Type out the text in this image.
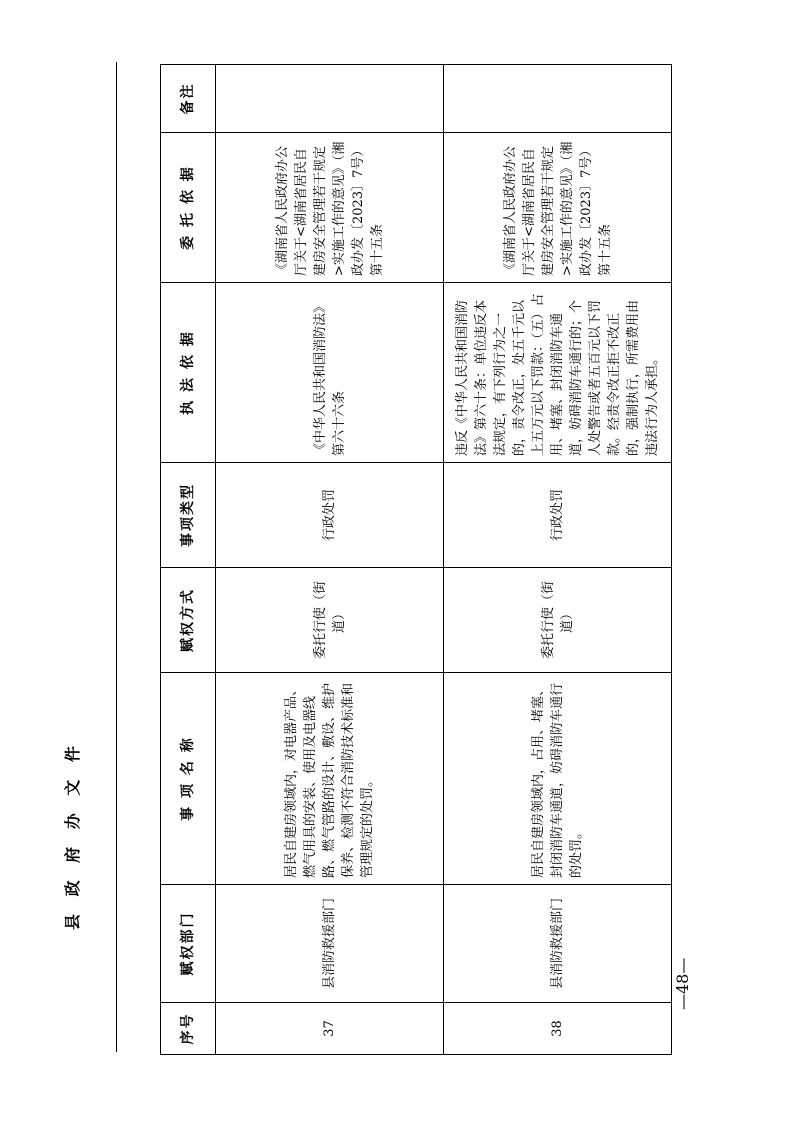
县 政 府 办 文 件
序号	赋权部门	事 项 名 称	赋权方式	事项类型	执 法 依 据	委 托 依 据	备注
37	县消防救援部门	居民自建房领域内，对电器产品、燃气用具的安装、使用及电器线路、燃气管路的设计、敷设、维护保养、检测不符合消防技术标准和管理规定的处罚。	委托行使（街道）	行政处罚	《中华人民共和国消防法》第六十六条	《湖南省人民政府办公厅关于<湖南省居民自建房安全管理若干规定>实施工作的意见》（湘政办发〔2023〕7号）第十五条	
38	县消防救援部门	居民自建房领域内，占用、堵塞、封闭消防车通道，妨碍消防车通行的处罚。	委托行使（街道）	行政处罚	违反《中华人民共和国消防法》第六十条：单位违反本法规定，有下列行为之一的，责令改正，处五千元以上五万元以下罚款：（五）占用、堵塞、封闭消防车通道，妨碍消防车通行的；个人处警告或者五百元以下罚款。经责令改正拒不改正的，强制执行，所需费用由违法行为人承担。	《湖南省人民政府办公厅关于<湖南省居民自建房安全管理若干规定>实施工作的意见》（湘政办发〔2023〕7号）第十五条	
—48—
